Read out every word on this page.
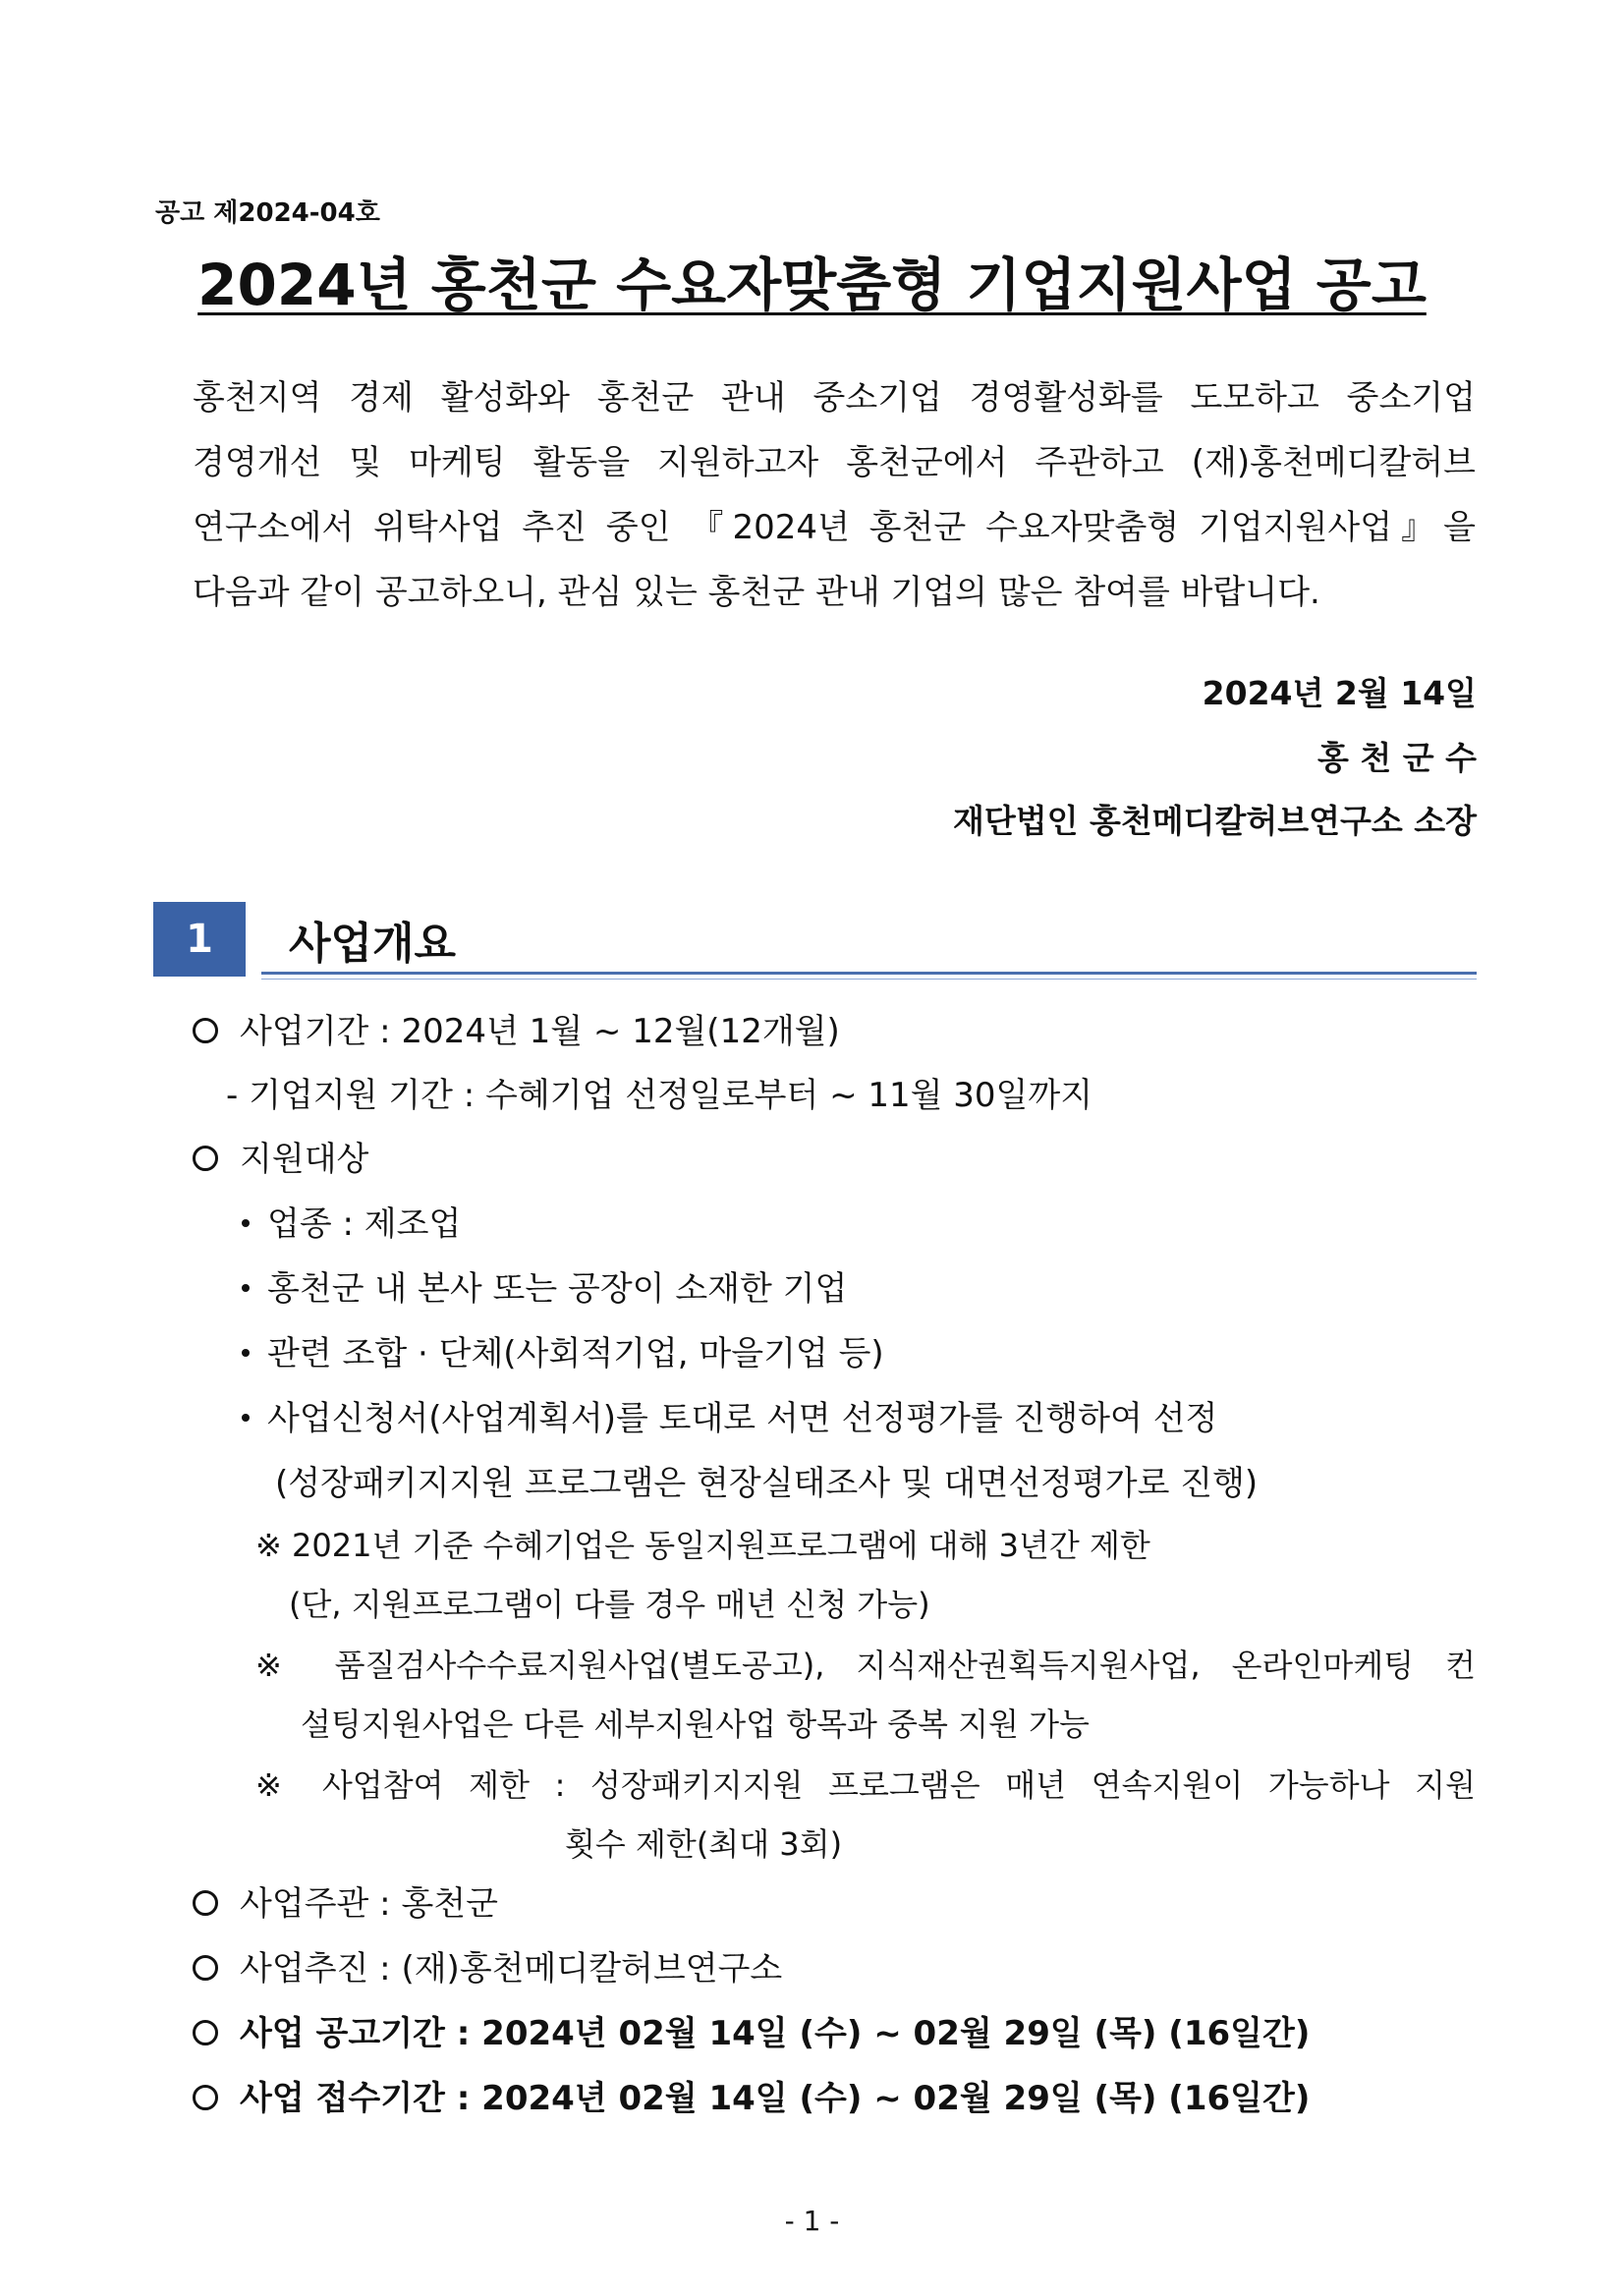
공고 제2024-04호
2024년 홍천군 수요자맞춤형 기업지원사업 공고
홍천지역 경제 활성화와 홍천군 관내 중소기업 경영활성화를 도모하고 중소기업
경영개선 및 마케팅 활동을 지원하고자 홍천군에서 주관하고 (재)홍천메디칼허브
연구소에서 위탁사업 추진 중인 『2024년 홍천군 수요자맞춤형 기업지원사업』을
다음과 같이 공고하오니, 관심 있는 홍천군 관내 기업의 많은 참여를 바랍니다.
2024년 2월 14일
홍 천 군 수
재단법인 홍천메디칼허브연구소 소장
1	사업개요
사업기간 : 2024년 1월 ~ 12월(12개월)
- 기업지원 기간 : 수혜기업 선정일로부터 ~ 11월 30일까지
지원대상
업종 : 제조업
홍천군 내 본사 또는 공장이 소재한 기업
관련 조합 · 단체(사회적기업, 마을기업 등)
사업신청서(사업계획서)를 토대로 서면 선정평가를 진행하여 선정
(성장패키지지원 프로그램은 현장실태조사 및 대면선정평가로 진행)
※ 2021년 기준 수혜기업은 동일지원프로그램에 대해 3년간 제한
(단, 지원프로그램이 다를 경우 매년 신청 가능)
※ 품질검사수수료지원사업(별도공고), 지식재산권획득지원사업, 온라인마케팅 컨
설팅지원사업은 다른 세부지원사업 항목과 중복 지원 가능
※ 사업참여 제한 : 성장패키지지원 프로그램은 매년 연속지원이 가능하나 지원
횟수 제한(최대 3회)
사업주관 : 홍천군
사업추진 : (재)홍천메디칼허브연구소
사업 공고기간 : 2024년 02월 14일 (수) ~ 02월 29일 (목) (16일간)
사업 접수기간 : 2024년 02월 14일 (수) ~ 02월 29일 (목) (16일간)
- 1 -
